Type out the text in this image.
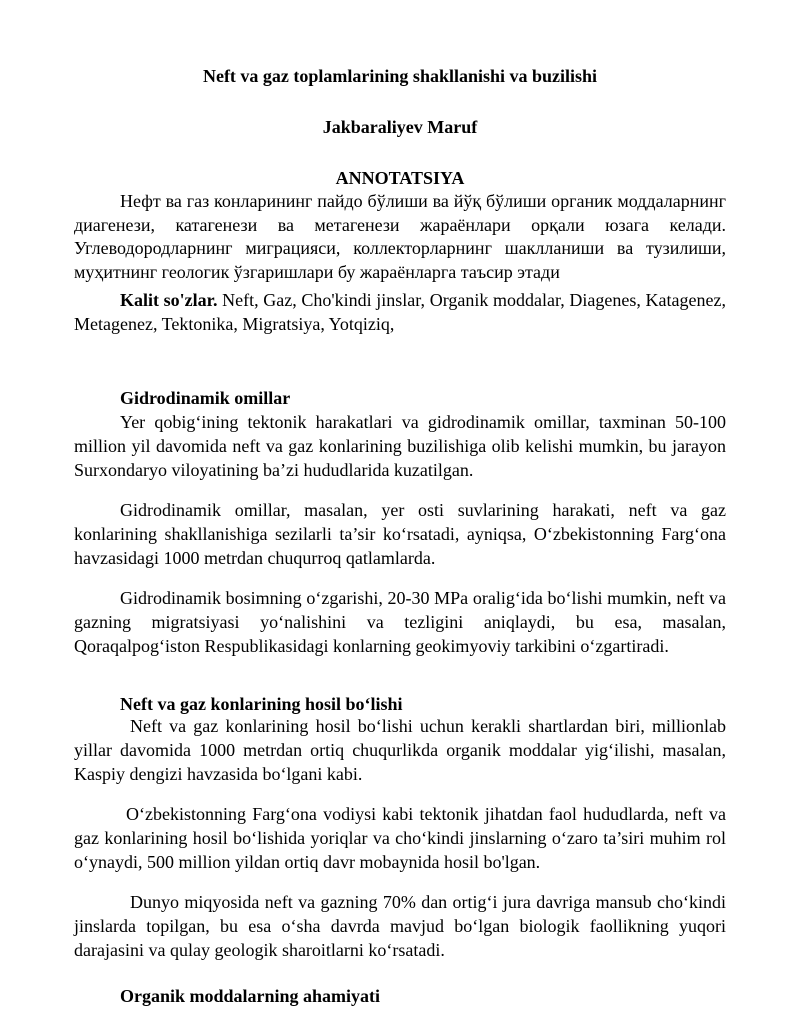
Neft va gaz toplamlarining shakllanishi va buzilishi
Jakbaraliyev Maruf
ANNOTATSIYA
Нефт ва газ конларининг пайдо бўлиши ва йўқ бўлиши органик моддаларнинг диагенези, катагенези ва метагенези жараёнлари орқали юзага келади. Углеводородларнинг миграцияси, коллекторларнинг шаклланиши ва тузилиши, муҳитнинг геологик ўзгаришлари бу жараёнларга таъсир этади
Kalit so'zlar. Neft, Gaz, Cho'kindi jinslar, Organik moddalar, Diagenes, Katagenez, Metagenez, Tektonika, Migratsiya, Yotqiziq,
Gidrodinamik omillar
Yer qobig‘ining tektonik harakatlari va gidrodinamik omillar, taxminan 50-100 million yil davomida neft va gaz konlarining buzilishiga olib kelishi mumkin, bu jarayon Surxondaryo viloyatining ba’zi hududlarida kuzatilgan.
Gidrodinamik omillar, masalan, yer osti suvlarining harakati, neft va gaz konlarining shakllanishiga sezilarli ta’sir ko‘rsatadi, ayniqsa, O‘zbekistonning Farg‘ona havzasidagi 1000 metrdan chuqurroq qatlamlarda.
Gidrodinamik bosimning o‘zgarishi, 20-30 MPa oralig‘ida bo‘lishi mumkin, neft va gazning migratsiyasi yo‘nalishini va tezligini aniqlaydi, bu esa, masalan, Qoraqalpog‘iston Respublikasidagi konlarning geokimyoviy tarkibini o‘zgartiradi.
Neft va gaz konlarining hosil bo‘lishi
Neft va gaz konlarining hosil bo‘lishi uchun kerakli shartlardan biri, millionlab yillar davomida 1000 metrdan ortiq chuqurlikda organik moddalar yig‘ilishi, masalan, Kaspiy dengizi havzasida bo‘lgani kabi.
O‘zbekistonning Farg‘ona vodiysi kabi tektonik jihatdan faol hududlarda, neft va gaz konlarining hosil bo‘lishida yoriqlar va cho‘kindi jinslarning o‘zaro ta’siri muhim rol o‘ynaydi, 500 million yildan ortiq davr mobaynida hosil bo'lgan.
Dunyo miqyosida neft va gazning 70% dan ortig‘i jura davriga mansub cho‘kindi jinslarda topilgan, bu esa o‘sha davrda mavjud bo‘lgan biologik faollikning yuqori darajasini va qulay geologik sharoitlarni ko‘rsatadi.
Organik moddalarning ahamiyati
